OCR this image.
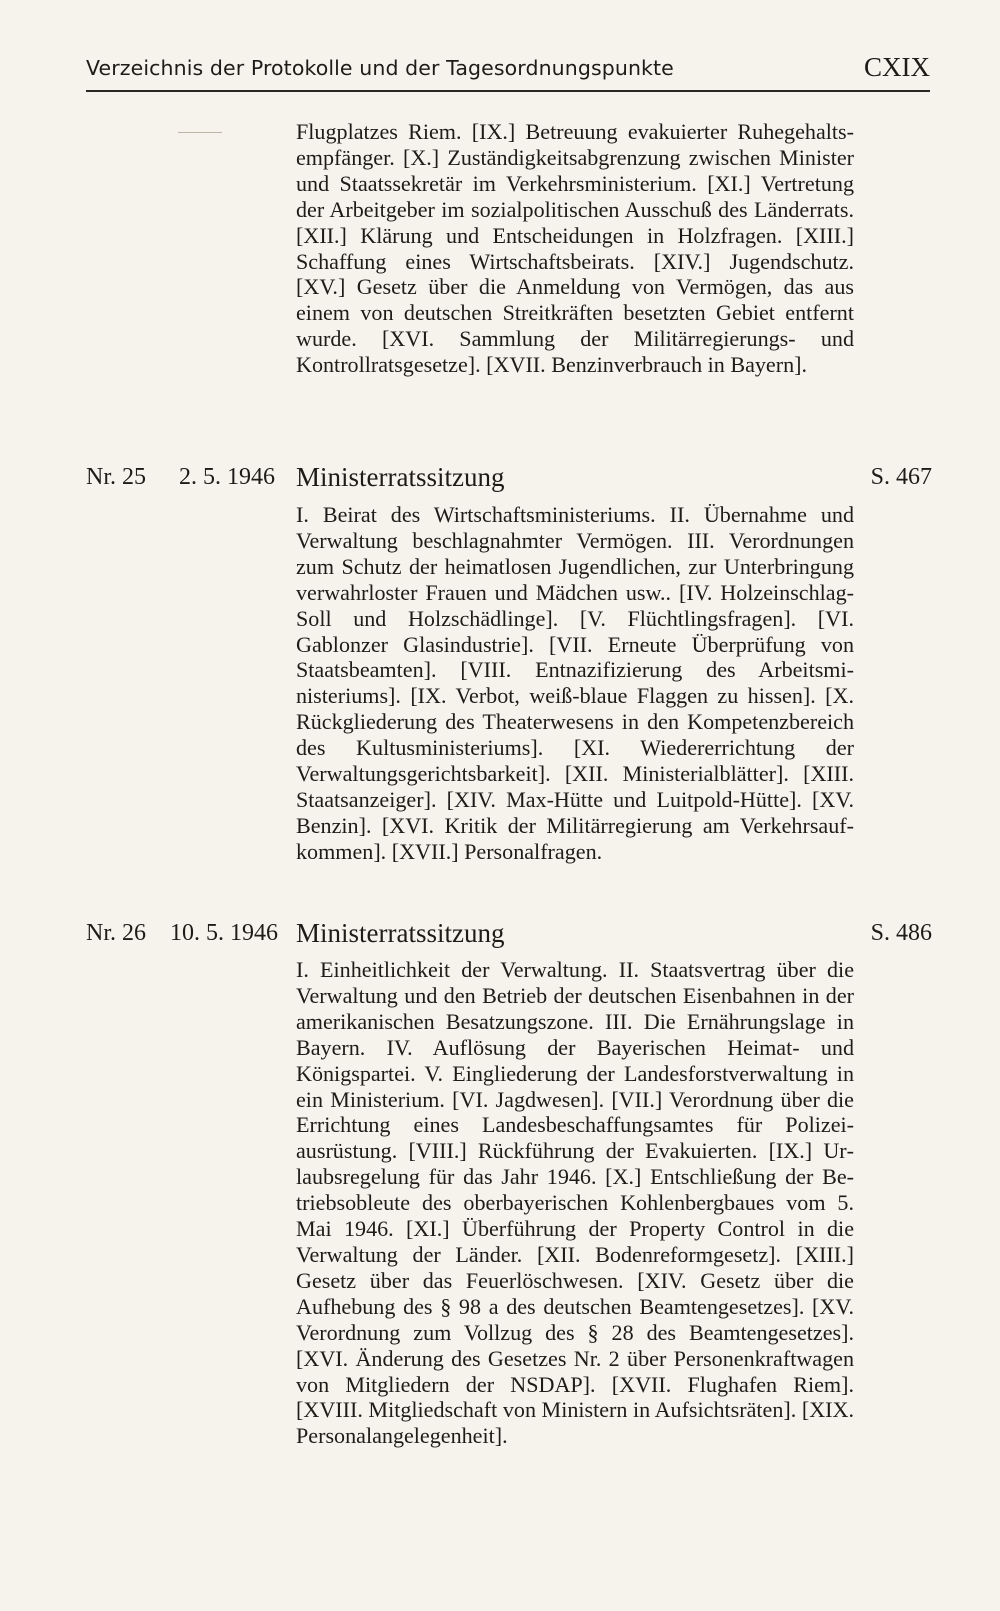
Verzeichnis der Protokolle und der Tagesordnungspunkte	CXIX
Flugplatzes Riem. [IX.] Betreuung evakuierter Ruhegehaltsempfänger. [X.] Zuständigkeitsabgrenzung zwischen Minister und Staatssekretär im Verkehrsministerium. [XI.] Vertretung der Arbeitgeber im sozialpolitischen Ausschuß des Länderrats. [XII.] Klärung und Entscheidungen in Holzfragen. [XIII.] Schaffung eines Wirtschaftsbeirats. [XIV.] Jugendschutz. [XV.] Gesetz über die Anmeldung von Vermögen, das aus einem von deutschen Streitkräften besetzten Gebiet entfernt wurde. [XVI. Sammlung der Militärregierungs- und Kontrollratsgesetze]. [XVII. Benzinverbrauch in Bayern].
Nr. 25 2. 5. 1946 Ministerratssitzung	S. 467
I. Beirat des Wirtschaftsministeriums. II. Übernahme und Verwaltung beschlagnahmter Vermögen. III. Verordnungen zum Schutz der heimatlosen Jugendlichen, zur Unterbringung verwahrloster Frauen und Mädchen usw.. [IV. Holzeinschlag-Soll und Holzschädlinge]. [V. Flüchtlingsfragen]. [VI. Gablonzer Glasindustrie]. [VII. Erneute Überprüfung von Staatsbeamten]. [VIII. Entnazifizierung des Arbeitsministeriums]. [IX. Verbot, weiß-blaue Flaggen zu hissen]. [X. Rückgliederung des Theaterwesens in den Kompetenzbereich des Kultusministeriums]. [XI. Wiedererrichtung der Verwaltungsgerichtsbarkeit]. [XII. Ministerialblätter]. [XIII. Staatsanzeiger]. [XIV. Max-Hütte und Luitpold-Hütte]. [XV. Benzin]. [XVI. Kritik der Militärregierung am Verkehrsaufkommen]. [XVII.] Personalfragen.
Nr. 26 10. 5. 1946 Ministerratssitzung	S. 486
I. Einheitlichkeit der Verwaltung. II. Staatsvertrag über die Verwaltung und den Betrieb der deutschen Eisenbahnen in der amerikanischen Besatzungszone. III. Die Ernährungslage in Bayern. IV. Auflösung der Bayerischen Heimat- und Königspartei. V. Eingliederung der Landesforstverwaltung in ein Ministerium. [VI. Jagdwesen]. [VII.] Verordnung über die Errichtung eines Landesbeschaffungsamtes für Polizeiausrüstung. [VIII.] Rückführung der Evakuierten. [IX.] Urlaubsregelung für das Jahr 1946. [X.] Entschließung der Betriebsobleute des oberbayerischen Kohlenbergbaues vom 5. Mai 1946. [XI.] Überführung der Property Control in die Verwaltung der Länder. [XII. Bodenreformgesetz]. [XIII.] Gesetz über das Feuerlöschwesen. [XIV. Gesetz über die Aufhebung des § 98 a des deutschen Beamtengesetzes]. [XV. Verordnung zum Vollzug des § 28 des Beamtengesetzes]. [XVI. Änderung des Gesetzes Nr. 2 über Personenkraftwagen von Mitgliedern der NSDAP]. [XVII. Flughafen Riem]. [XVIII. Mitgliedschaft von Ministern in Aufsichtsräten]. [XIX. Personalangelegenheit].
